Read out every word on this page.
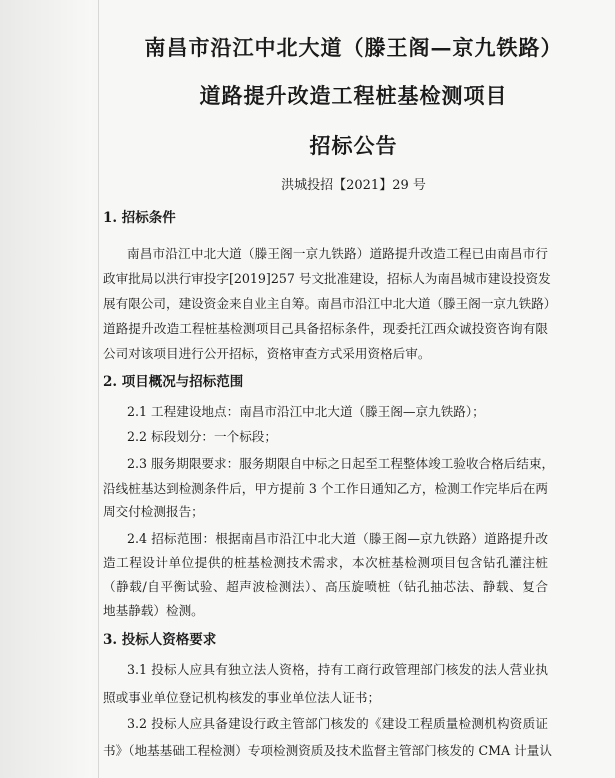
南昌市沿江中北大道（滕王阁—京九铁路）
道路提升改造工程桩基检测项目
招标公告
洪城投招【2021】29 号
1. 招标条件
南昌市沿江中北大道（滕王阁一京九铁路）道路提升改造工程已由南昌市行
政审批局以洪行审投字[2019]257 号文批准建设，招标人为南昌城市建设投资发
展有限公司，建设资金来自业主自筹。南昌市沿江中北大道（滕王阁一京九铁路）
道路提升改造工程桩基检测项目己具备招标条件，现委托江西众诚投资咨询有限
公司对该项目进行公开招标，资格审查方式采用资格后审。
2. 项目概况与招标范围
2.1 工程建设地点：南昌市沿江中北大道（滕王阁—京九铁路）；
2.2 标段划分：一个标段；
2.3 服务期限要求：服务期限自中标之日起至工程整体竣工验收合格后结束，
沿线桩基达到检测条件后，甲方提前 3 个工作日通知乙方，检测工作完毕后在两
周交付检测报告；
2.4 招标范围：根据南昌市沿江中北大道（滕王阁—京九铁路）道路提升改
造工程设计单位提供的桩基检测技术需求，本次桩基检测项目包含钻孔灌注桩
（静载/自平衡试验、超声波检测法）、高压旋喷桩（钻孔抽芯法、静载、复合
地基静载）检测。
3. 投标人资格要求
3.1 投标人应具有独立法人资格，持有工商行政管理部门核发的法人营业执
照或事业单位登记机构核发的事业单位法人证书；
3.2 投标人应具备建设行政主管部门核发的《建设工程质量检测机构资质证
书》（地基基础工程检测）专项检测资质及技术监督主管部门核发的 CMA 计量认
